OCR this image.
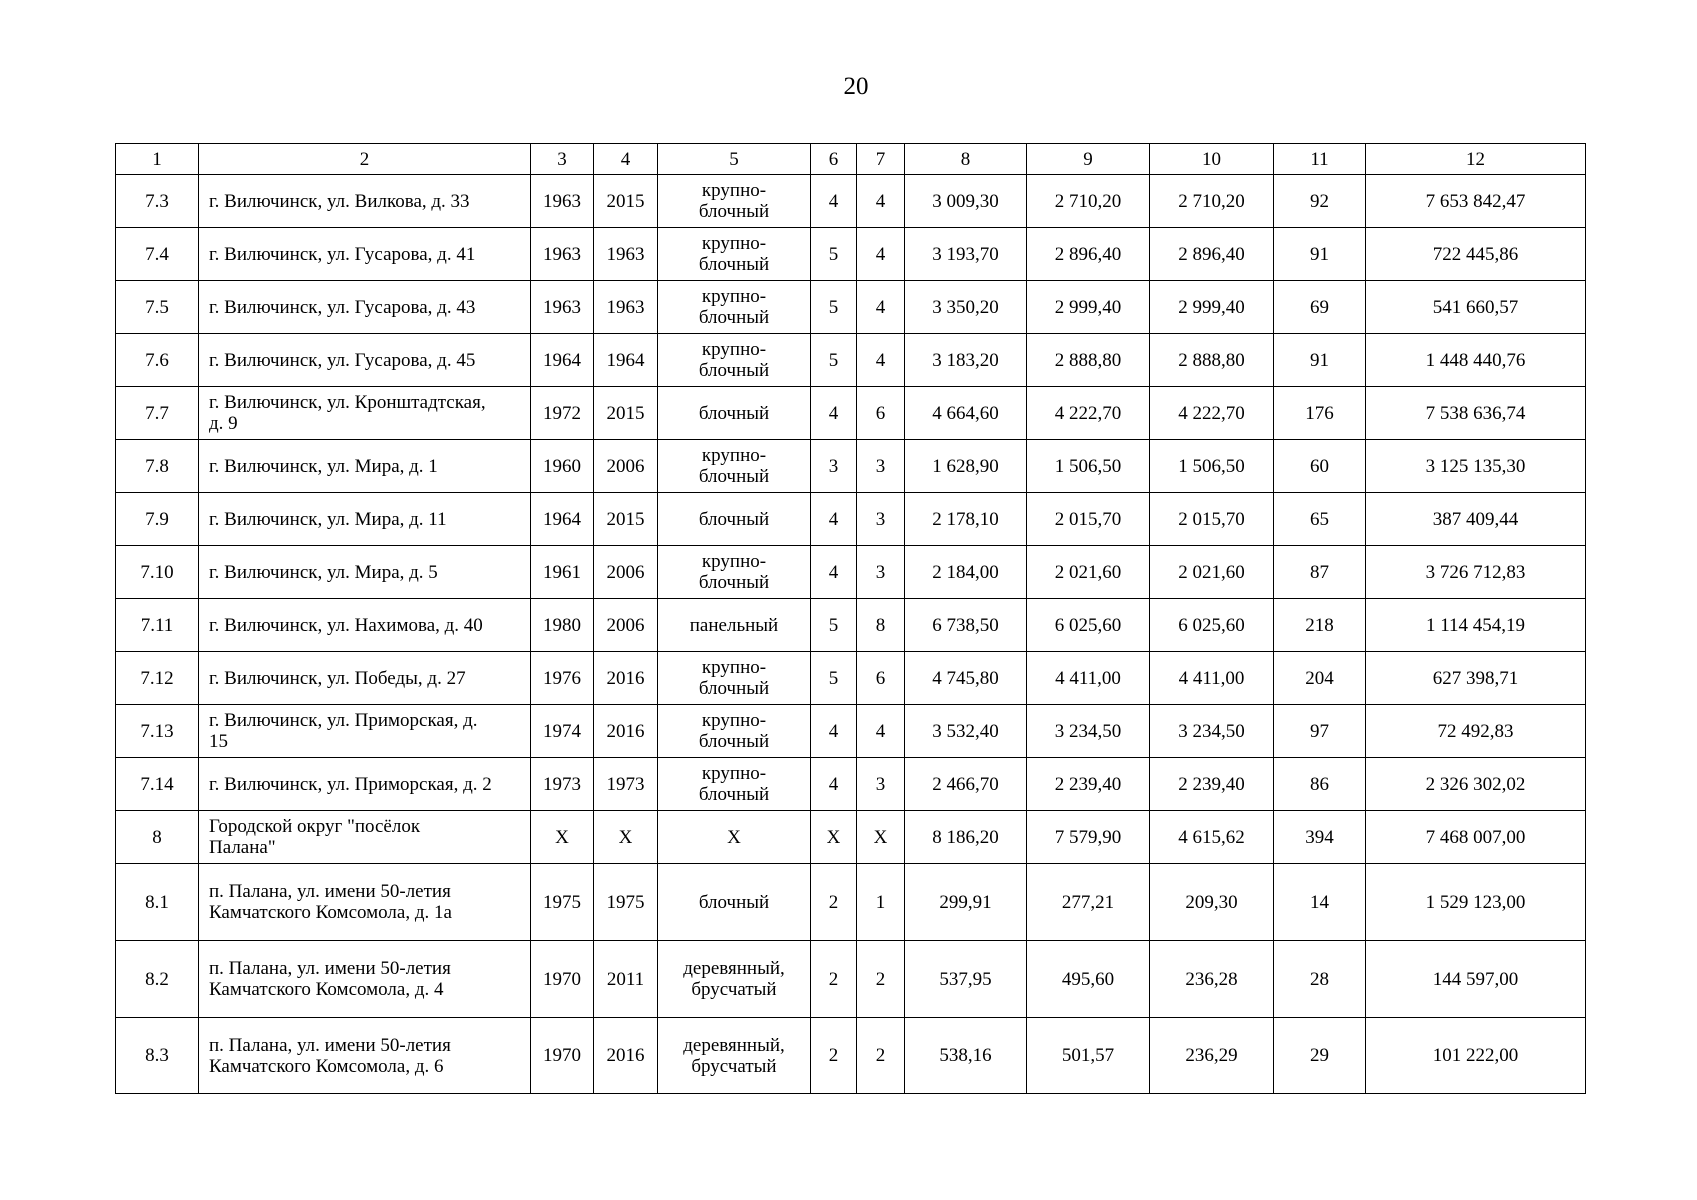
20
1	2	3	4	5	6	7	8	9	10	11	12
7.3	г. Вилючинск, ул. Вилкова, д. 33	1963	2015	крупно-
блочный	4	4	3 009,30	2 710,20	2 710,20	92	7 653 842,47
7.4	г. Вилючинск, ул. Гусарова, д. 41	1963	1963	крупно-
блочный	5	4	3 193,70	2 896,40	2 896,40	91	722 445,86
7.5	г. Вилючинск, ул. Гусарова, д. 43	1963	1963	крупно-
блочный	5	4	3 350,20	2 999,40	2 999,40	69	541 660,57
7.6	г. Вилючинск, ул. Гусарова, д. 45	1964	1964	крупно-
блочный	5	4	3 183,20	2 888,80	2 888,80	91	1 448 440,76
7.7	г. Вилючинск, ул. Кронштадтская,
д. 9	1972	2015	блочный	4	6	4 664,60	4 222,70	4 222,70	176	7 538 636,74
7.8	г. Вилючинск, ул. Мира, д. 1	1960	2006	крупно-
блочный	3	3	1 628,90	1 506,50	1 506,50	60	3 125 135,30
7.9	г. Вилючинск, ул. Мира, д. 11	1964	2015	блочный	4	3	2 178,10	2 015,70	2 015,70	65	387 409,44
7.10	г. Вилючинск, ул. Мира, д. 5	1961	2006	крупно-
блочный	4	3	2 184,00	2 021,60	2 021,60	87	3 726 712,83
7.11	г. Вилючинск, ул. Нахимова, д. 40	1980	2006	панельный	5	8	6 738,50	6 025,60	6 025,60	218	1 114 454,19
7.12	г. Вилючинск, ул. Победы, д. 27	1976	2016	крупно-
блочный	5	6	4 745,80	4 411,00	4 411,00	204	627 398,71
7.13	г. Вилючинск, ул. Приморская, д.
15	1974	2016	крупно-
блочный	4	4	3 532,40	3 234,50	3 234,50	97	72 492,83
7.14	г. Вилючинск, ул. Приморская, д. 2	1973	1973	крупно-
блочный	4	3	2 466,70	2 239,40	2 239,40	86	2 326 302,02
8	Городской округ "посёлок
Палана"	X	X	X	X	X	8 186,20	7 579,90	4 615,62	394	7 468 007,00
8.1	п. Палана, ул. имени 50-летия
Камчатского Комсомола, д. 1а	1975	1975	блочный	2	1	299,91	277,21	209,30	14	1 529 123,00
8.2	п. Палана, ул. имени 50-летия
Камчатского Комсомола, д. 4	1970	2011	деревянный,
брусчатый	2	2	537,95	495,60	236,28	28	144 597,00
8.3	п. Палана, ул. имени 50-летия
Камчатского Комсомола, д. 6	1970	2016	деревянный,
брусчатый	2	2	538,16	501,57	236,29	29	101 222,00
